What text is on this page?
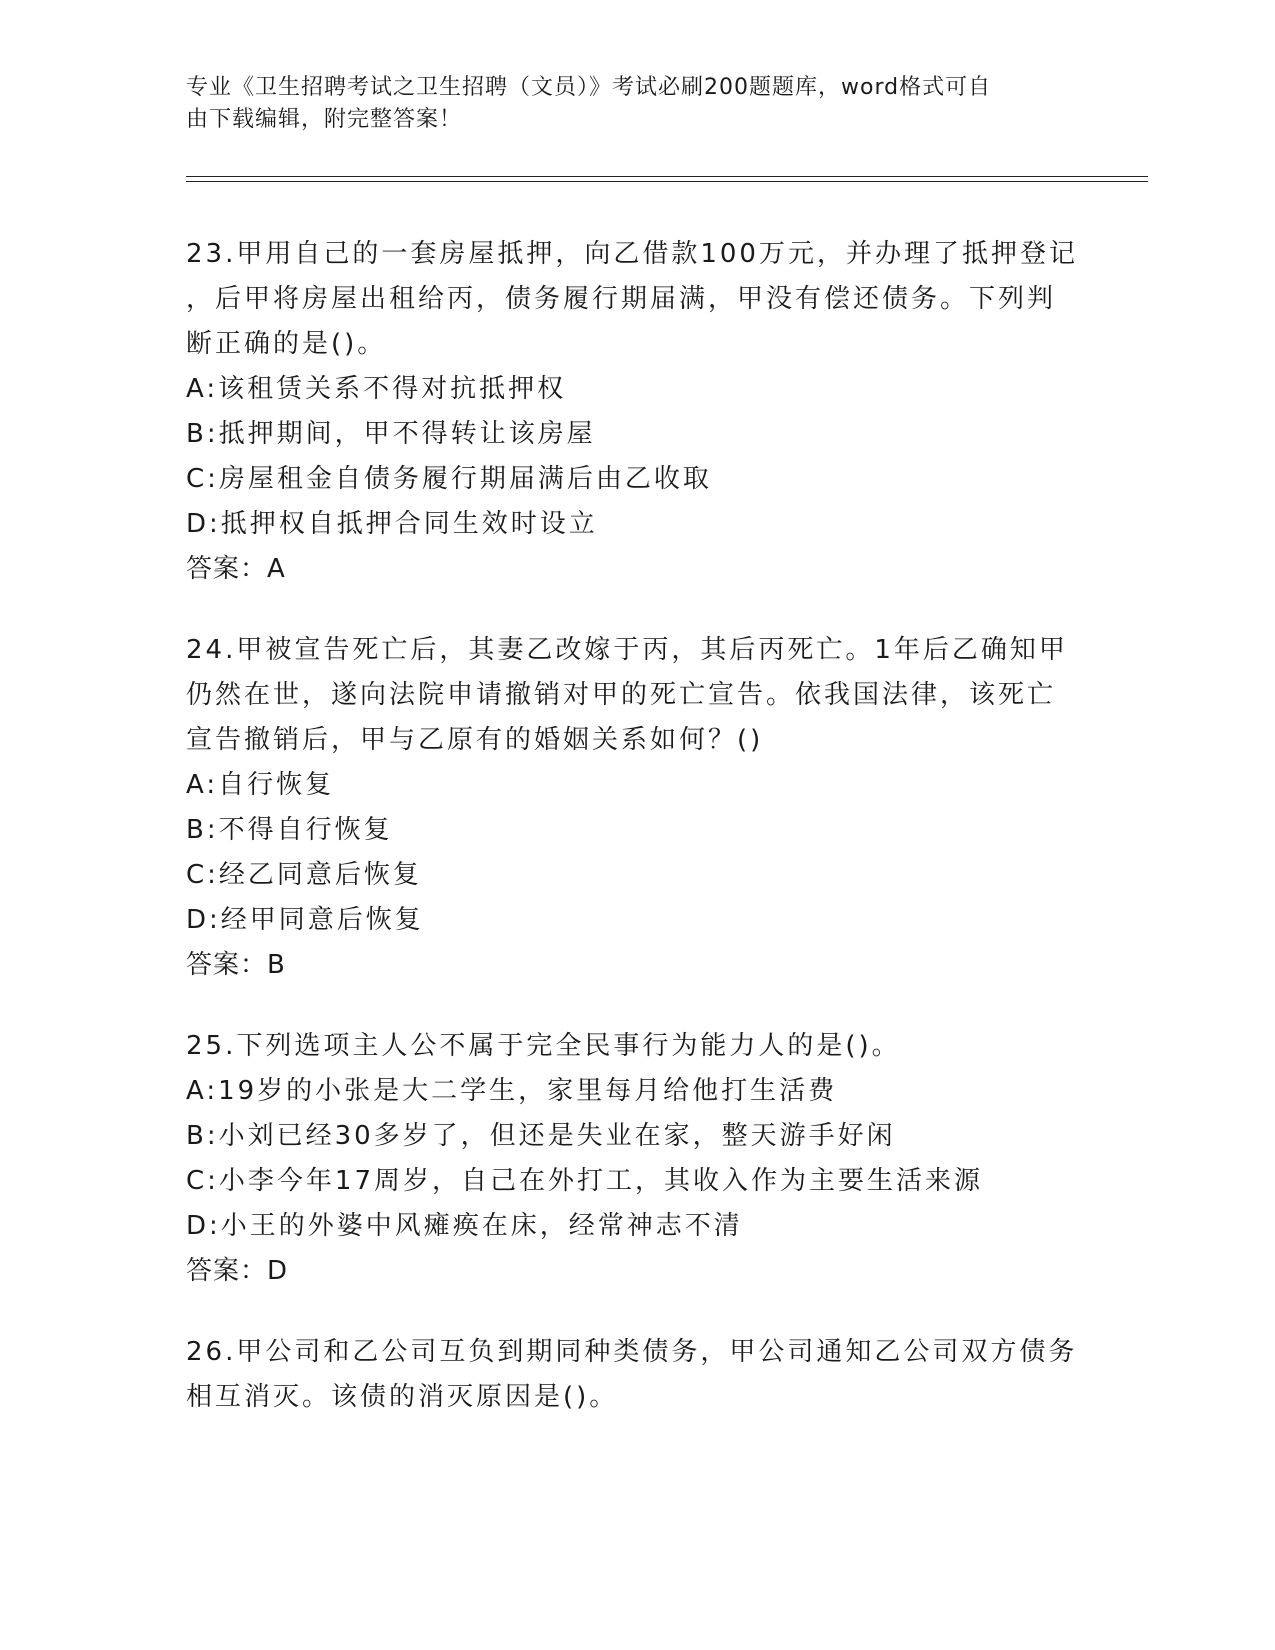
专业《卫生招聘考试之卫生招聘（文员）》考试必刷200题题库，word格式可自
由下载编辑，附完整答案！
23.甲用自己的一套房屋抵押，向乙借款100万元，并办理了抵押登记
，后甲将房屋出租给丙，债务履行期届满，甲没有偿还债务。下列判
断正确的是()。
A:该租赁关系不得对抗抵押权
B:抵押期间，甲不得转让该房屋
C:房屋租金自债务履行期届满后由乙收取
D:抵押权自抵押合同生效时设立
答案：A
24.甲被宣告死亡后，其妻乙改嫁于丙，其后丙死亡。1年后乙确知甲
仍然在世，遂向法院申请撤销对甲的死亡宣告。依我国法律，该死亡
宣告撤销后，甲与乙原有的婚姻关系如何？()
A:自行恢复
B:不得自行恢复
C:经乙同意后恢复
D:经甲同意后恢复
答案：B
25.下列选项主人公不属于完全民事行为能力人的是()。
A:19岁的小张是大二学生，家里每月给他打生活费
B:小刘已经30多岁了，但还是失业在家，整天游手好闲
C:小李今年17周岁，自己在外打工，其收入作为主要生活来源
D:小王的外婆中风瘫痪在床，经常神志不清
答案：D
26.甲公司和乙公司互负到期同种类债务，甲公司通知乙公司双方债务
相互消灭。该债的消灭原因是()。
